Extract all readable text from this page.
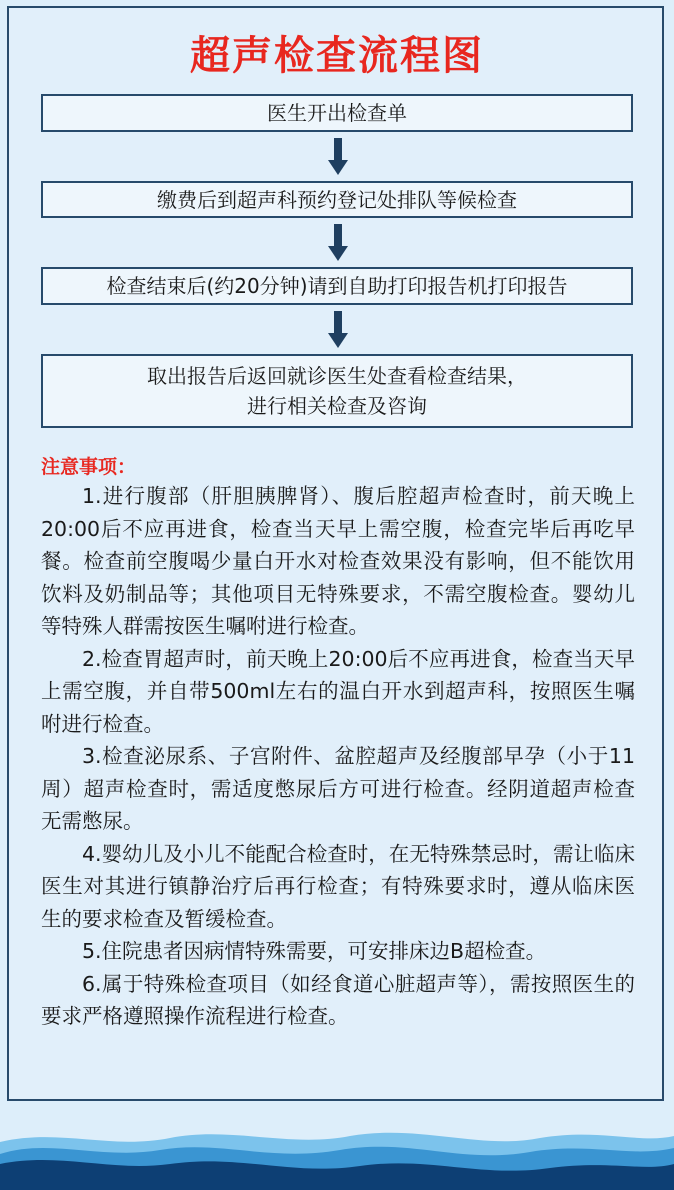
超声检查流程图
医生开出检查单
缴费后到超声科预约登记处排队等候检查
检查结束后(约20分钟)请到自助打印报告机打印报告
取出报告后返回就诊医生处查看检查结果，
进行相关检查及咨询
注意事项：

1.进行腹部（肝胆胰脾肾）、腹后腔超声检查时，前天晚上20:00后不应再进食，检查当天早上需空腹，检查完毕后再吃早餐。检查前空腹喝少量白开水对检查效果没有影响，但不能饮用饮料及奶制品等；其他项目无特殊要求，不需空腹检查。婴幼儿等特殊人群需按医生嘱咐进行检查。

2.检查胃超声时，前天晚上20:00后不应再进食，检查当天早上需空腹，并自带500ml左右的温白开水到超声科，按照医生嘱咐进行检查。

3.检查泌尿系、子宫附件、盆腔超声及经腹部早孕（小于11周）超声检查时，需适度憋尿后方可进行检查。经阴道超声检查无需憋尿。

4.婴幼儿及小儿不能配合检查时，在无特殊禁忌时，需让临床医生对其进行镇静治疗后再行检查；有特殊要求时，遵从临床医生的要求检查及暂缓检查。

5.住院患者因病情特殊需要，可安排床边B超检查。

6.属于特殊检查项目（如经食道心脏超声等），需按照医生的要求严格遵照操作流程进行检查。
